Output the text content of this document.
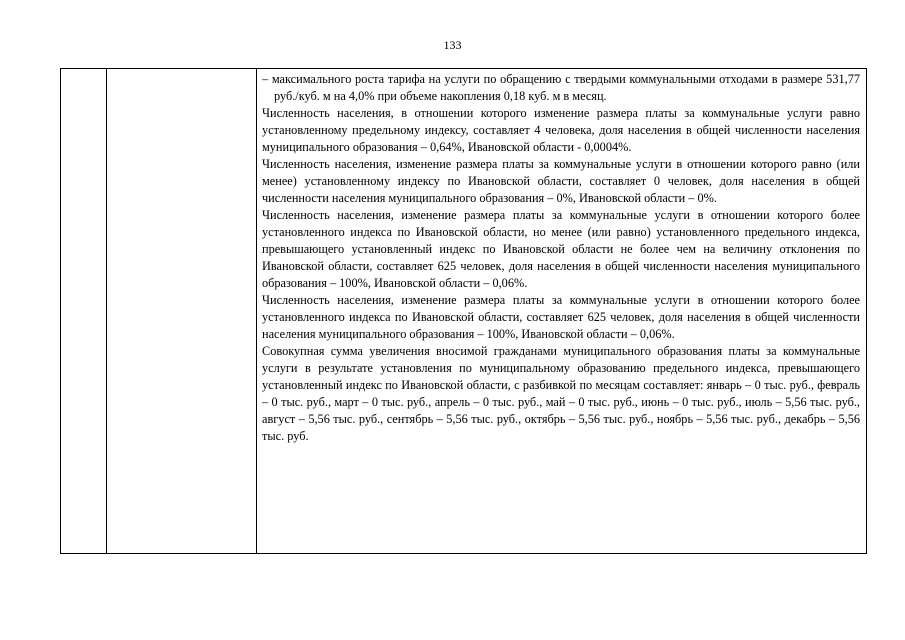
133

– максимального роста тарифа на услуги по обращению с твердыми коммунальными отходами в размере 531,77 руб./куб. м на 4,0% при объеме накопления 0,18 куб. м в месяц.

Численность населения, в отношении которого изменение размера платы за коммунальные услуги равно установленному предельному индексу, составляет 4 человека, доля населения в общей численности населения муниципального образования – 0,64%, Ивановской области - 0,0004%.

Численность населения, изменение размера платы за коммунальные услуги в отношении которого равно (или менее) установленному индексу по Ивановской области, составляет 0 человек, доля населения в общей численности населения муниципального образования – 0%, Ивановской области – 0%.

Численность населения, изменение размера платы за коммунальные услуги в отношении которого более установленного индекса по Ивановской области, но менее (или равно) установленного предельного индекса, превышающего установленный индекс по Ивановской области не более чем на величину отклонения по Ивановской области, составляет 625 человек, доля населения в общей численности населения муниципального образования – 100%, Ивановской области – 0,06%.

Численность населения, изменение размера платы за коммунальные услуги в отношении которого более установленного индекса по Ивановской области, составляет 625 человек, доля населения в общей численности населения муниципального образования – 100%, Ивановской области – 0,06%.

Совокупная сумма увеличения вносимой гражданами муниципального образования платы за коммунальные услуги в результате установления по муниципальному образованию предельного индекса, превышающего установленный индекс по Ивановской области, с разбивкой по месяцам составляет: январь – 0 тыс. руб., февраль – 0 тыс. руб., март – 0 тыс. руб., апрель – 0 тыс. руб., май – 0 тыс. руб., июнь – 0 тыс. руб., июль – 5,56 тыс. руб., август – 5,56 тыс. руб., сентябрь – 5,56 тыс. руб., октябрь – 5,56 тыс. руб., ноябрь – 5,56 тыс. руб., декабрь – 5,56 тыс. руб.
